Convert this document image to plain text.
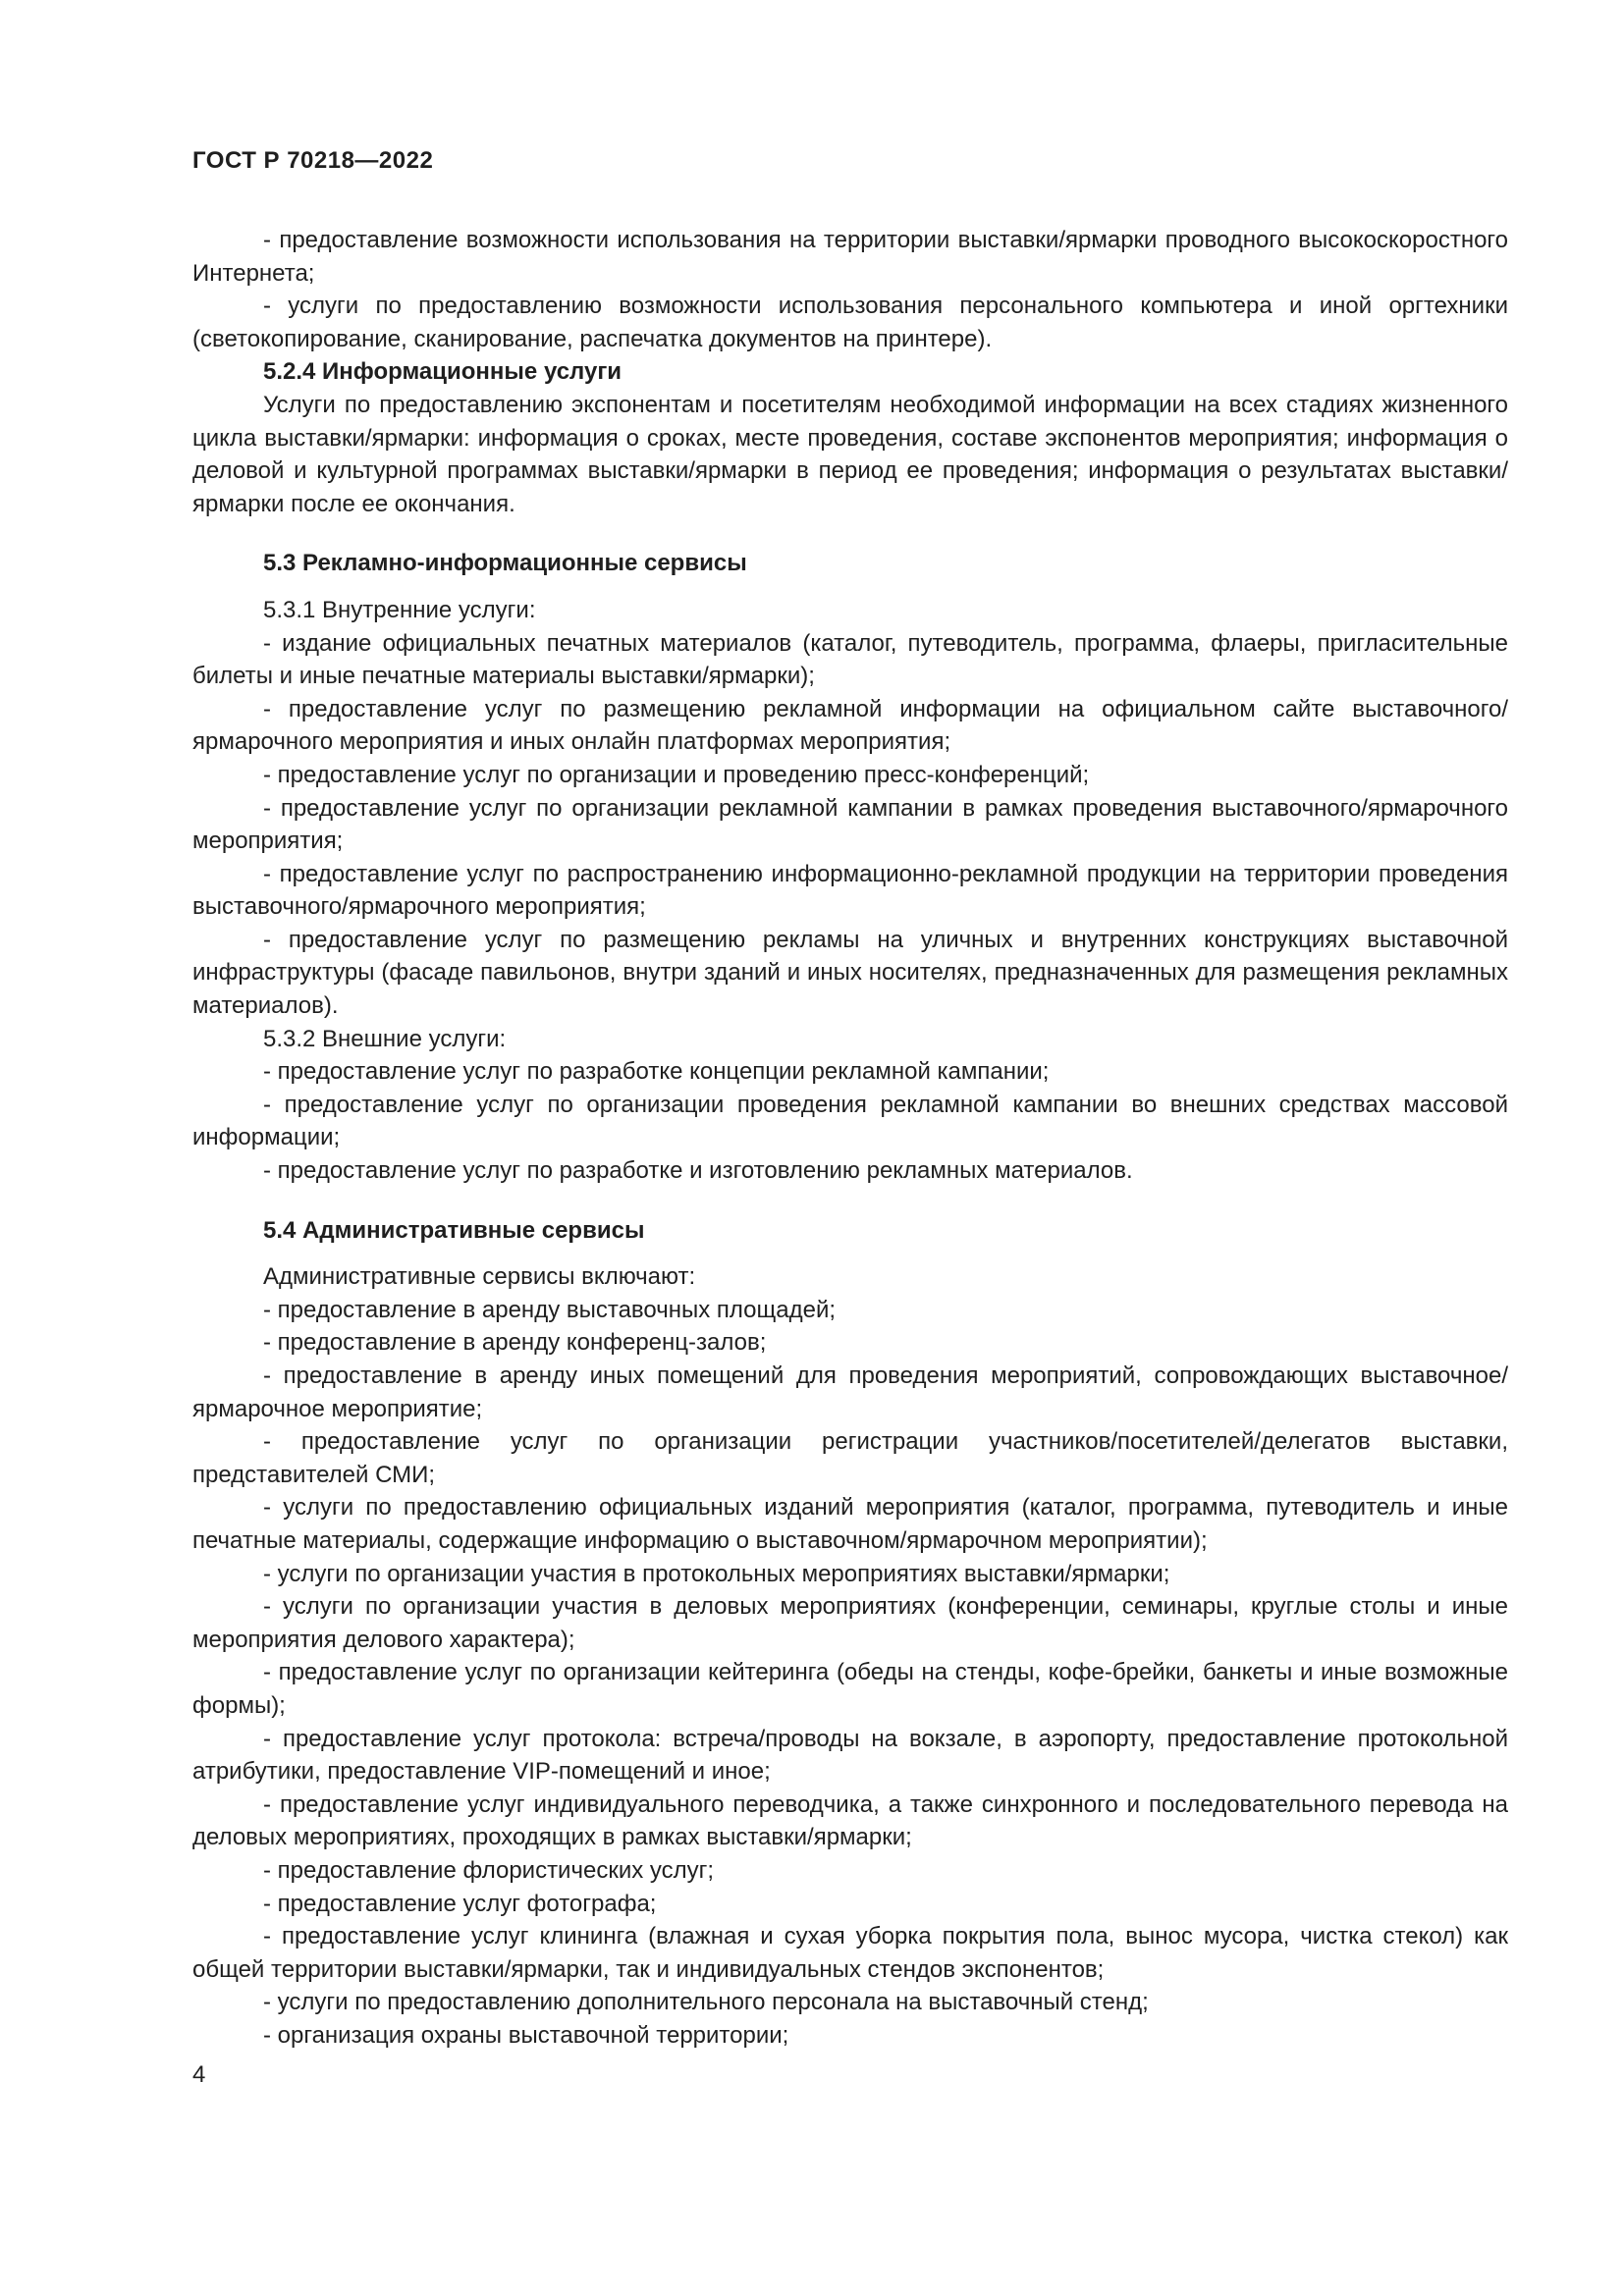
ГОСТ Р 70218—2022

- предоставление возможности использования на территории выставки/ярмарки проводного высокоскоростного Интернета;

- услуги по предоставлению возможности использования персонального компьютера и иной оргтехники (светокопирование, сканирование, распечатка документов на принтере).

5.2.4 Информационные услуги

Услуги по предоставлению экспонентам и посетителям необходимой информации на всех стадиях жизненного цикла выставки/ярмарки: информация о сроках, месте проведения, составе экспонентов мероприятия; информация о деловой и культурной программах выставки/ярмарки в период ее проведения; информация о результатах выставки/ярмарки после ее окончания.

5.3 Рекламно-информационные сервисы

5.3.1 Внутренние услуги:

- издание официальных печатных материалов (каталог, путеводитель, программа, флаеры, пригласительные билеты и иные печатные материалы выставки/ярмарки);

- предоставление услуг по размещению рекламной информации на официальном сайте выставочного/ярмарочного мероприятия и иных онлайн платформах мероприятия;

- предоставление услуг по организации и проведению пресс-конференций;

- предоставление услуг по организации рекламной кампании в рамках проведения выставочного/ярмарочного мероприятия;

- предоставление услуг по распространению информационно-рекламной продукции на территории проведения выставочного/ярмарочного мероприятия;

- предоставление услуг по размещению рекламы на уличных и внутренних конструкциях выставочной инфраструктуры (фасаде павильонов, внутри зданий и иных носителях, предназначенных для размещения рекламных материалов).

5.3.2 Внешние услуги:

- предоставление услуг по разработке концепции рекламной кампании;

- предоставление услуг по организации проведения рекламной кампании во внешних средствах массовой информации;

- предоставление услуг по разработке и изготовлению рекламных материалов.

5.4 Административные сервисы

Административные сервисы включают:

- предоставление в аренду выставочных площадей;

- предоставление в аренду конференц-залов;

- предоставление в аренду иных помещений для проведения мероприятий, сопровождающих выставочное/ярмарочное мероприятие;

- предоставление услуг по организации регистрации участников/посетителей/делегатов выставки, представителей СМИ;

- услуги по предоставлению официальных изданий мероприятия (каталог, программа, путеводитель и иные печатные материалы, содержащие информацию о выставочном/ярмарочном мероприятии);

- услуги по организации участия в протокольных мероприятиях выставки/ярмарки;

- услуги по организации участия в деловых мероприятиях (конференции, семинары, круглые столы и иные мероприятия делового характера);

- предоставление услуг по организации кейтеринга (обеды на стенды, кофе-брейки, банкеты и иные возможные формы);

- предоставление услуг протокола: встреча/проводы на вокзале, в аэропорту, предоставление протокольной атрибутики, предоставление VIP-помещений и иное;

- предоставление услуг индивидуального переводчика, а также синхронного и последовательного перевода на деловых мероприятиях, проходящих в рамках выставки/ярмарки;

- предоставление флористических услуг;

- предоставление услуг фотографа;

- предоставление услуг клининга (влажная и сухая уборка покрытия пола, вынос мусора, чистка стекол) как общей территории выставки/ярмарки, так и индивидуальных стендов экспонентов;

- услуги по предоставлению дополнительного персонала на выставочный стенд;

- организация охраны выставочной территории;

4
